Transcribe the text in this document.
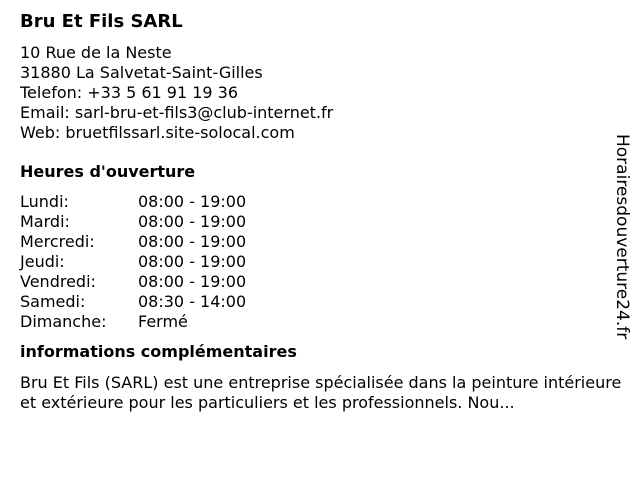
Bru Et Fils SARL
10 Rue de la Neste
31880 La Salvetat-Saint-Gilles
Telefon: +33 5 61 91 19 36
Email: sarl-bru-et-fils3@club-internet.fr
Web: bruetfilssarl.site-solocal.com
Heures d'ouverture
Lundi:	08:00 - 19:00
Mardi:	08:00 - 19:00
Mercredi:	08:00 - 19:00
Jeudi:	08:00 - 19:00
Vendredi:	08:00 - 19:00
Samedi:	08:30 - 14:00
Dimanche:	Fermé
informations complémentaires
Bru Et Fils (SARL) est une entreprise spécialisée dans la peinture intérieure et extérieure pour les particuliers et les professionnels. Nou...
Horairesdouverture24.fr
